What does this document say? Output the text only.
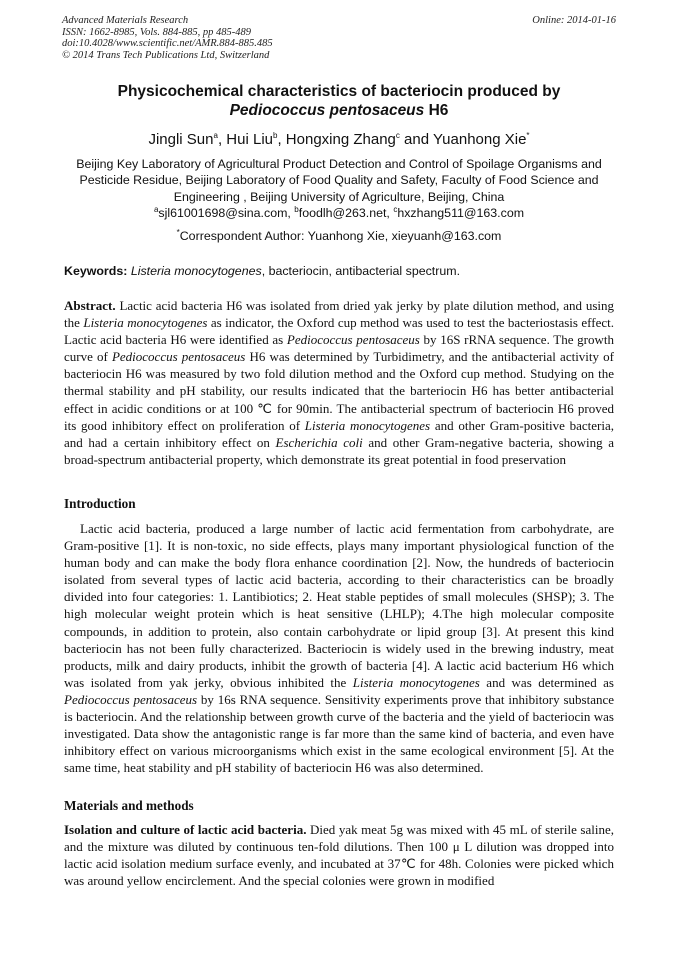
Advanced Materials Research
ISSN: 1662-8985, Vols. 884-885, pp 485-489
doi:10.4028/www.scientific.net/AMR.884-885.485
© 2014 Trans Tech Publications Ltd, Switzerland
Online: 2014-01-16
Physicochemical characteristics of bacteriocin produced by
Pediococcus pentosaceus H6
Jingli Sun$^a$, Hui Liu$^b$, Hongxing Zhang$^c$ and Yuanhong Xie*
Beijing Key Laboratory of Agricultural Product Detection and Control of Spoilage Organisms and Pesticide Residue, Beijing Laboratory of Food Quality and Safety, Faculty of Food Science and Engineering , Beijing University of Agriculture, Beijing, China
$^a$sjl61001698@sina.com, $^b$foodlh@263.net, $^c$hxzhang511@163.com
*Correspondent Author: Yuanhong Xie, xieyuanh@163.com
Keywords: Listeria monocytogenes, bacteriocin, antibacterial spectrum.
Abstract. Lactic acid bacteria H6 was isolated from dried yak jerky by plate dilution method, and using the Listeria monocytogenes as indicator, the Oxford cup method was used to test the bacteriostasis effect. Lactic acid bacteria H6 were identified as Pediococcus pentosaceus by 16S rRNA sequence. The growth curve of Pediococcus pentosaceus H6 was determined by Turbidimetry, and the antibacterial activity of bacteriocin H6 was measured by two fold dilution method and the Oxford cup method. Studying on the thermal stability and pH stability, our results indicated that the barteriocin H6 has better antibacterial effect in acidic conditions or at 100 ℃ for 90min. The antibacterial spectrum of bacteriocin H6 proved its good inhibitory effect on proliferation of Listeria monocytogenes and other Gram-positive bacteria, and had a certain inhibitory effect on Escherichia coli and other Gram-negative bacteria, showing a broad-spectrum antibacterial property, which demonstrate its great potential in food preservation
Introduction
Lactic acid bacteria, produced a large number of lactic acid fermentation from carbohydrate, are Gram-positive [1]. It is non-toxic, no side effects, plays many important physiological function of the human body and can make the body flora enhance coordination [2]. Now, the hundreds of bacteriocin isolated from several types of lactic acid bacteria, according to their characteristics can be broadly divided into four categories: 1. Lantibiotics; 2. Heat stable peptides of small molecules (SHSP); 3. The high molecular weight protein which is heat sensitive (LHLP); 4.The high molecular composite compounds, in addition to protein, also contain carbohydrate or lipid group [3]. At present this kind bacteriocin has not been fully characterized. Bacteriocin is widely used in the brewing industry, meat products, milk and dairy products, inhibit the growth of bacteria [4]. A lactic acid bacterium H6 which was isolated from yak jerky, obvious inhibited the Listeria monocytogenes and was determined as Pediococcus pentosaceus by 16s RNA sequence. Sensitivity experiments prove that inhibitory substance is bacteriocin. And the relationship between growth curve of the bacteria and the yield of bacteriocin was investigated. Data show the antagonistic range is far more than the same kind of bacteria, and even have inhibitory effect on various microorganisms which exist in the same ecological environment [5]. At the same time, heat stability and pH stability of bacteriocin H6 was also determined.
Materials and methods
Isolation and culture of lactic acid bacteria. Died yak meat 5g was mixed with 45 mL of sterile saline, and the mixture was diluted by continuous ten-fold dilutions. Then 100 μ L dilution was dropped into lactic acid isolation medium surface evenly, and incubated at 37℃ for 48h. Colonies were picked which was around yellow encirclement. And the special colonies were grown in modified
